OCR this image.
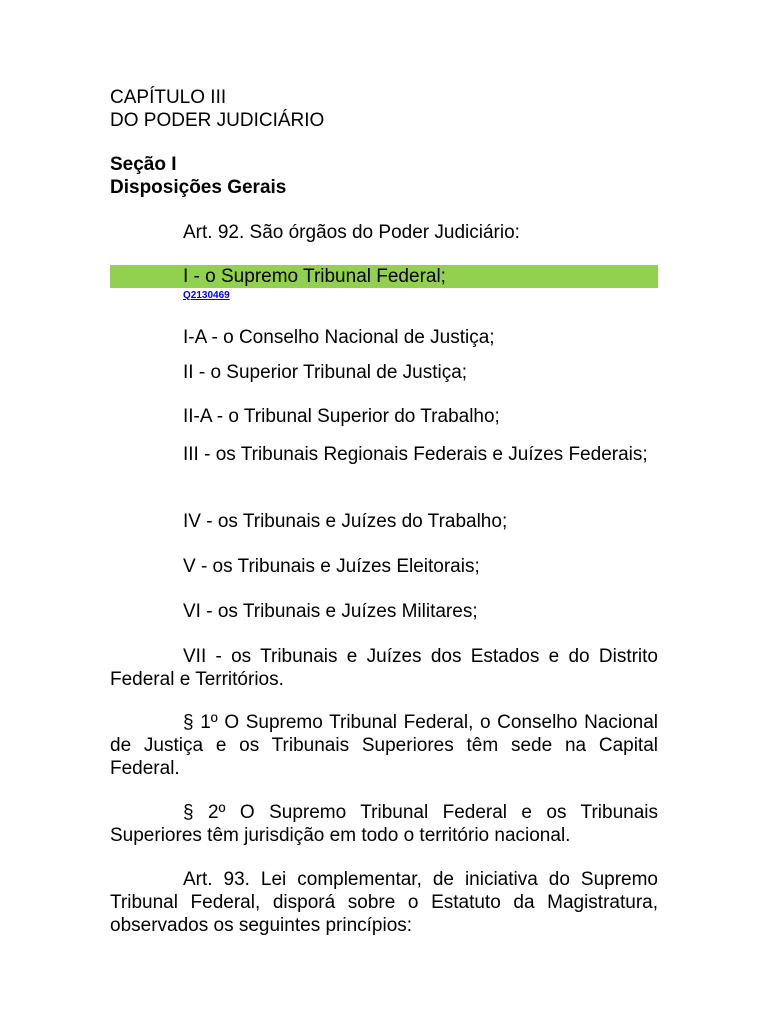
CAPÍTULO III
DO PODER JUDICIÁRIO
Seção I
Disposições Gerais
Art. 92. São órgãos do Poder Judiciário:
I - o Supremo Tribunal Federal;
Q2130469
I-A - o Conselho Nacional de Justiça;
II - o Superior Tribunal de Justiça;
II-A - o Tribunal Superior do Trabalho;
III - os Tribunais Regionais Federais e Juízes Federais;
IV - os Tribunais e Juízes do Trabalho;
V - os Tribunais e Juízes Eleitorais;
VI - os Tribunais e Juízes Militares;
VII - os Tribunais e Juízes dos Estados e do Distrito Federal e Territórios.
§ 1º O Supremo Tribunal Federal, o Conselho Nacional de Justiça e os Tribunais Superiores têm sede na Capital Federal.
§ 2º O Supremo Tribunal Federal e os Tribunais Superiores têm jurisdição em todo o território nacional.
Art. 93. Lei complementar, de iniciativa do Supremo Tribunal Federal, disporá sobre o Estatuto da Magistratura, observados os seguintes princípios:
